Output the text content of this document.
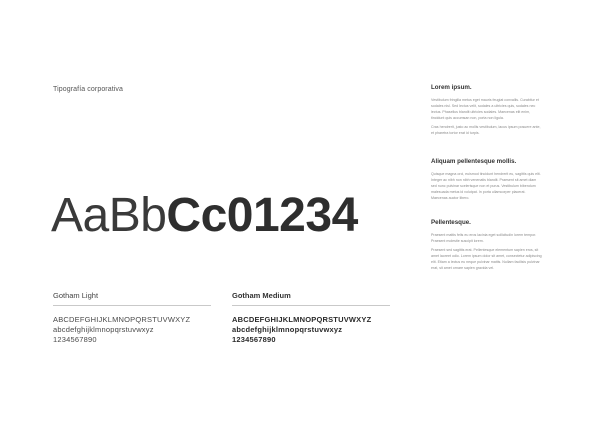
Tipografía corporativa
AaBbCc01234
Gotham Light
ABCDEFGHIJKLMNOPQRSTUVWXYZ
abcdefghijklmnopqrstuvwxyz
1234567890
Gotham Medium
ABCDEFGHIJKLMNOPQRSTUVWXYZ
abcdefghijklmnopqrstuvwxyz
1234567890
Lorem ipsum.

Vestibulum fringilla metus eget mauris feugiat convallis. Curabitur et sodales nisl. Sed lectus velit, sodales a ultricies quis, sodales nec lectus. Phasellus blandit ultricies sodales. Maecenas elit enim, tincidunt quis accumsan non, porta non ligula.

Cras hendrerit, justo ac mollis vestibulum, lacus ipsum posuere ante, et pharetra tortor erat id turpis.

Aliquam pellentesque mollis.

Quisque magna orci, euismod tincidunt hendrerit eu, sagittis quis elit. Integer ac nibh non nibh venenatis blandit. Praesent sit amet diam sed nunc pulvinar scelerisque non et purus. Vestibulum bibendum malesuada metus id volutpat. In porta ullamcorper placerat. Maecenas auctor libero.

Pellentesque.

Praesent mattis felis eu eros lacinia eget sollicitudin lorem tempor. Praesent molestie suscipit lorem.

Praesent sed sagittis erat. Pellentesque elementum sapien eros, sit amet laoreet odio. Lorem ipsum dolor sit amet, consectetur adipiscing elit. Etiam a lectus eu neque pulvinar mattis. Nullam facilisis pulvinar erat, sit amet ornare sapien gravida vel.
